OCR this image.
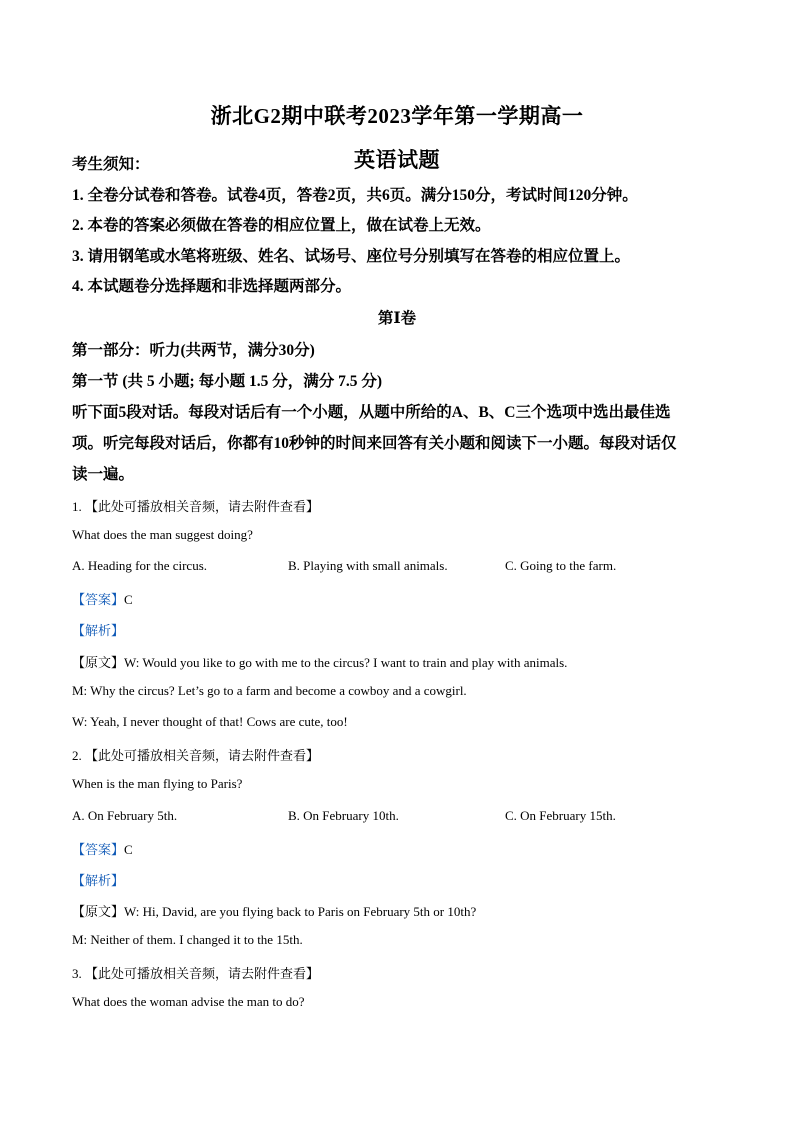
浙北G2期中联考2023学年第一学期高一
英语试题
考生须知：
1. 全卷分试卷和答卷。试卷4页，答卷2页，共6页。满分150分，考试时间120分钟。
2. 本卷的答案必须做在答卷的相应位置上，做在试卷上无效。
3. 请用钢笔或水笔将班级、姓名、试场号、座位号分别填写在答卷的相应位置上。
4. 本试题卷分选择题和非选择题两部分。
第Ⅰ卷
第一部分：听力(共两节，满分30分)
第一节 (共 5 小题; 每小题 1.5 分，满分 7.5 分)
听下面5段对话。每段对话后有一个小题，从题中所给的A、B、C三个选项中选出最佳选
项。听完每段对话后，你都有10秒钟的时间来回答有关小题和阅读下一小题。每段对话仅
读一遍。
1. 【此处可播放相关音频，请去附件查看】
What does the man suggest doing?
A. Heading for the circus.	B. Playing with small animals.	C. Going to the farm.
【答案】C
【解析】
【原文】W: Would you like to go with me to the circus? I want to train and play with animals.
M: Why the circus? Let’s go to a farm and become a cowboy and a cowgirl.
W: Yeah, I never thought of that! Cows are cute, too!
2. 【此处可播放相关音频，请去附件查看】
When is the man flying to Paris?
A. On February 5th.	B. On February 10th.	C. On February 15th.
【答案】C
【解析】
【原文】W: Hi, David, are you flying back to Paris on February 5th or 10th?
M: Neither of them. I changed it to the 15th.
3. 【此处可播放相关音频，请去附件查看】
What does the woman advise the man to do?
